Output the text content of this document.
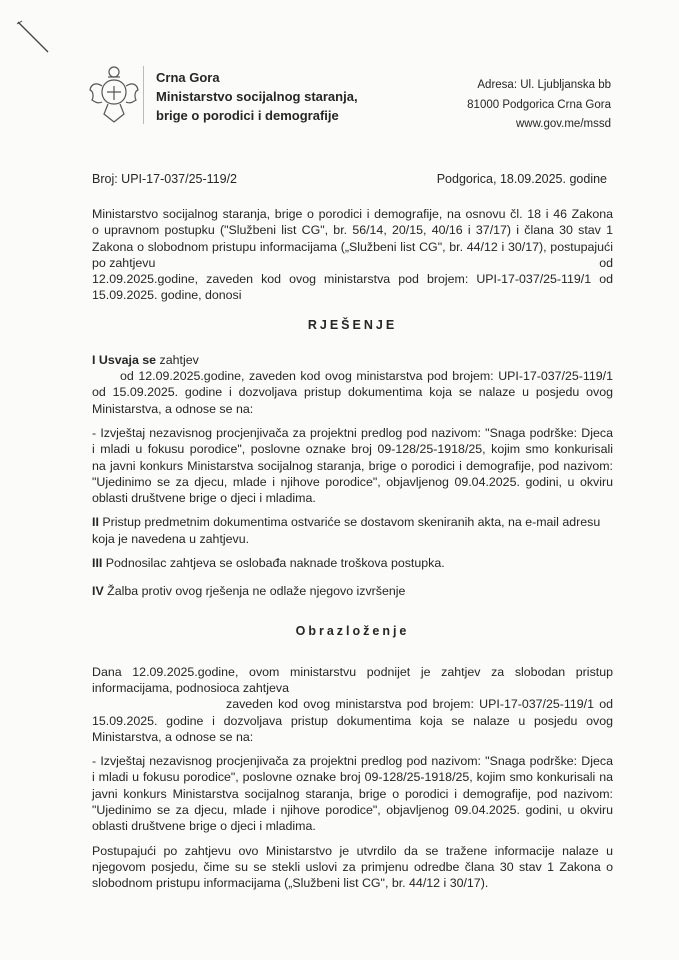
Crna Gora
Ministarstvo socijalnog staranja,
brige o porodici i demografije
Adresa: Ul. Ljubljanska bb
81000 Podgorica Crna Gora
www.gov.me/mssd
Broj: UPI-17-037/25-119/2	Podgorica, 18.09.2025. godine
Ministarstvo socijalnog staranja, brige o porodici i demografije, na osnovu čl. 18 i 46 Zakona
o upravnom postupku ("Službeni list CG", br. 56/14, 20/15, 40/16 i 37/17) i člana 30 stav 1
Zakona o slobodnom pristupu informacijama („Službeni list CG", br. 44/12 i 30/17), postupajući
po zahtjevu	od
12.09.2025.godine, zaveden kod ovog ministarstva pod brojem: UPI-17-037/25-119/1 od
15.09.2025. godine, donosi
RJEŠENJE
I Usvaja se zahtjev
od 12.09.2025.godine, zaveden kod ovog ministarstva pod brojem: UPI-17-037/25-119/1
od 15.09.2025. godine i dozvoljava pristup dokumentima koja se nalaze u posjedu ovog
Ministarstva, a odnose se na:
- Izvještaj nezavisnog procjenjivača za projektni predlog pod nazivom: "Snaga podrške: Djeca
i mladi u fokusu porodice", poslovne oznake broj 09-128/25-1918/25, kojim smo konkurisali
na javni konkurs Ministarstva socijalnog staranja, brige o porodici i demografije, pod nazivom:
"Ujedinimo se za djecu, mlade i njihove porodice", objavljenog 09.04.2025. godini, u okviru
oblasti društvene brige o djeci i mladima.
II Pristup predmetnim dokumentima ostvariće se dostavom skeniranih akta, na e-mail adresu
koja je navedena u zahtjevu.
III Podnosilac zahtjeva se oslobađa naknade troškova postupka.
IV Žalba protiv ovog rješenja ne odlaže njegovo izvršenje
Obrazloženje
Dana 12.09.2025.godine, ovom ministarstvu podnijet je zahtjev za slobodan pristup
informacijama, podnosioca zahtjeva
zaveden kod ovog ministarstva pod brojem: UPI-17-037/25-119/1 od
15.09.2025. godine i dozvoljava pristup dokumentima koja se nalaze u posjedu ovog
Ministarstva, a odnose se na:
- Izvještaj nezavisnog procjenjivača za projektni predlog pod nazivom: "Snaga podrške: Djeca
i mladi u fokusu porodice", poslovne oznake broj 09-128/25-1918/25, kojim smo konkurisali na
javni konkurs Ministarstva socijalnog staranja, brige o porodici i demografije, pod nazivom:
"Ujedinimo se za djecu, mlade i njihove porodice", objavljenog 09.04.2025. godini, u okviru
oblasti društvene brige o djeci i mladima.
Postupajući po zahtjevu ovo Ministarstvo je utvrdilo da se tražene informacije nalaze u
njegovom posjedu, čime su se stekli uslovi za primjenu odredbe člana 30 stav 1 Zakona o
slobodnom pristupu informacijama („Službeni list CG", br. 44/12 i 30/17).
